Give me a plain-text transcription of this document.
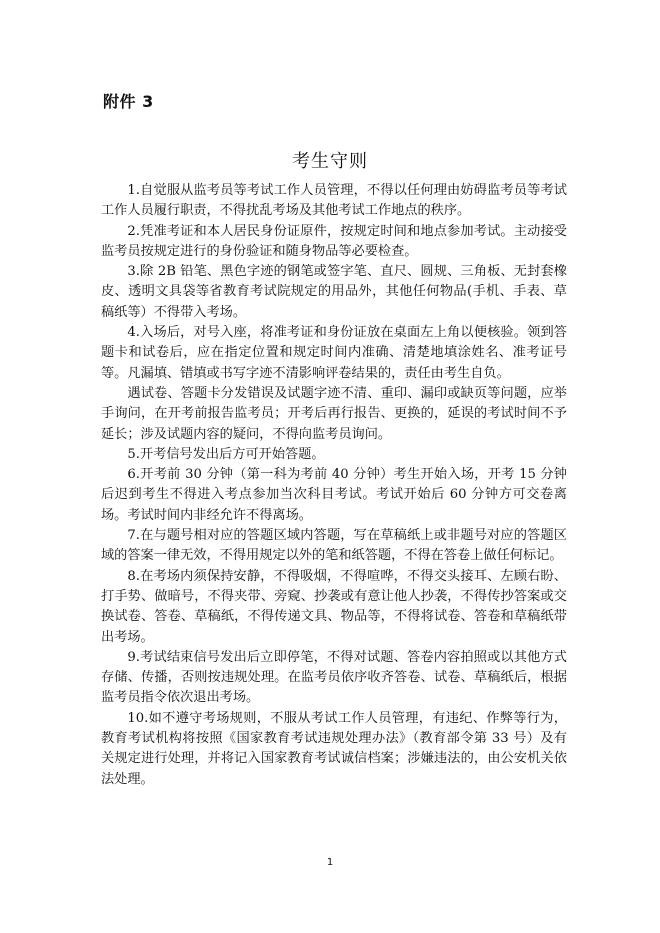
附件 3
考生守则

1.自觉服从监考员等考试工作人员管理，不得以任何理由妨碍监考员等考试工作人员履行职责，不得扰乱考场及其他考试工作地点的秩序。

2.凭准考证和本人居民身份证原件，按规定时间和地点参加考试。主动接受监考员按规定进行的身份验证和随身物品等必要检查。

3.除 2B 铅笔、黑色字迹的钢笔或签字笔、直尺、圆规、三角板、无封套橡皮、透明文具袋等省教育考试院规定的用品外，其他任何物品(手机、手表、草稿纸等）不得带入考场。

4.入场后，对号入座，将准考证和身份证放在桌面左上角以便核验。领到答题卡和试卷后，应在指定位置和规定时间内准确、清楚地填涂姓名、准考证号等。凡漏填、错填或书写字迹不清影响评卷结果的，责任由考生自负。

遇试卷、答题卡分发错误及试题字迹不清、重印、漏印或缺页等问题，应举手询问，在开考前报告监考员；开考后再行报告、更换的，延误的考试时间不予延长；涉及试题内容的疑问，不得向监考员询问。

5.开考信号发出后方可开始答题。

6.开考前 30 分钟（第一科为考前 40 分钟）考生开始入场，开考 15 分钟后迟到考生不得进入考点参加当次科目考试。考试开始后 60 分钟方可交卷离场。考试时间内非经允许不得离场。

7.在与题号相对应的答题区域内答题，写在草稿纸上或非题号对应的答题区域的答案一律无效，不得用规定以外的笔和纸答题，不得在答卷上做任何标记。

8.在考场内须保持安静，不得吸烟，不得喧哗，不得交头接耳、左顾右盼、打手势、做暗号，不得夹带、旁窥、抄袭或有意让他人抄袭，不得传抄答案或交换试卷、答卷、草稿纸，不得传递文具、物品等，不得将试卷、答卷和草稿纸带出考场。

9.考试结束信号发出后立即停笔，不得对试题、答卷内容拍照或以其他方式存储、传播，否则按违规处理。在监考员依序收齐答卷、试卷、草稿纸后，根据监考员指令依次退出考场。

10.如不遵守考场规则，不服从考试工作人员管理，有违纪、作弊等行为，教育考试机构将按照《国家教育考试违规处理办法》（教育部令第 33 号）及有关规定进行处理，并将记入国家教育考试诚信档案；涉嫌违法的，由公安机关依法处理。

1
